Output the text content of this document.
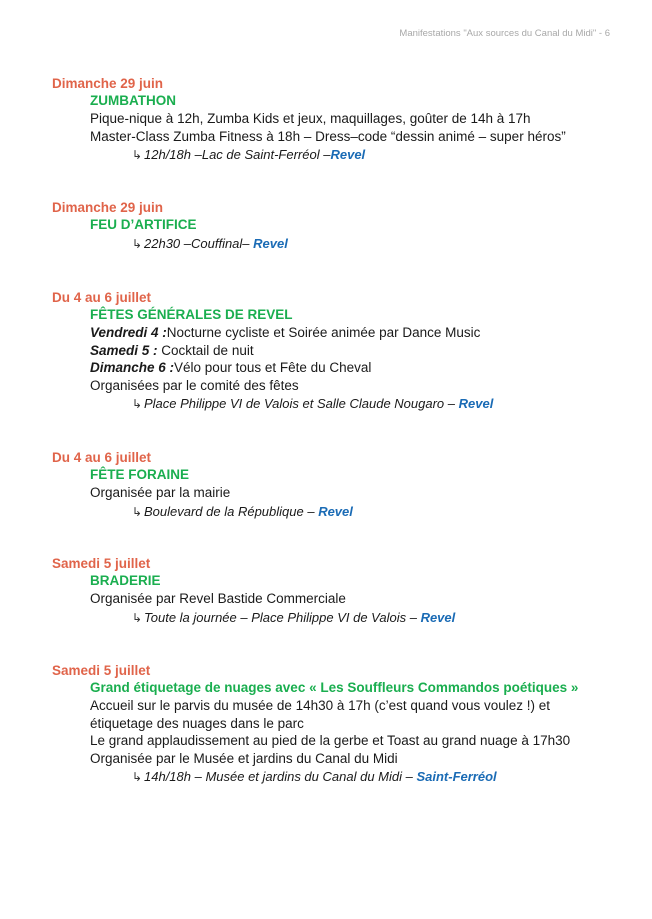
Manifestations "Aux sources du Canal du Midi" - 6
Dimanche 29 juin
ZUMBATHON
Pique-nique à 12h, Zumba Kids et jeux, maquillages, goûter de 14h à 17h
Master-Class Zumba Fitness à 18h – Dress–code “dessin animé – super héros”
↳ 12h/18h –Lac de Saint-Ferréol –Revel
Dimanche 29 juin
FEU D’ARTIFICE
↳ 22h30 –Couffinal– Revel
Du 4 au 6 juillet
FÊTES GÉNÉRALES DE REVEL
Vendredi 4 :Nocturne cycliste et Soirée animée par Dance Music
Samedi 5 : Cocktail de nuit
Dimanche 6 :Vélo pour tous et Fête du Cheval
Organisées par le comité des fêtes
↳ Place Philippe VI de Valois et Salle Claude Nougaro – Revel
Du 4 au 6 juillet
FÊTE FORAINE
Organisée par la mairie
↳ Boulevard de la République – Revel
Samedi 5 juillet
BRADERIE
Organisée par Revel Bastide Commerciale
↳ Toute la journée – Place Philippe VI de Valois – Revel
Samedi 5 juillet
Grand étiquetage de nuages avec « Les Souffleurs Commandos poétiques »
Accueil sur le parvis du musée de 14h30 à 17h (c’est quand vous voulez !) et
étiquetage des nuages dans le parc
Le grand applaudissement au pied de la gerbe et Toast au grand nuage à 17h30
Organisée par le Musée et jardins du Canal du Midi
↳ 14h/18h – Musée et jardins du Canal du Midi – Saint-Ferréol
